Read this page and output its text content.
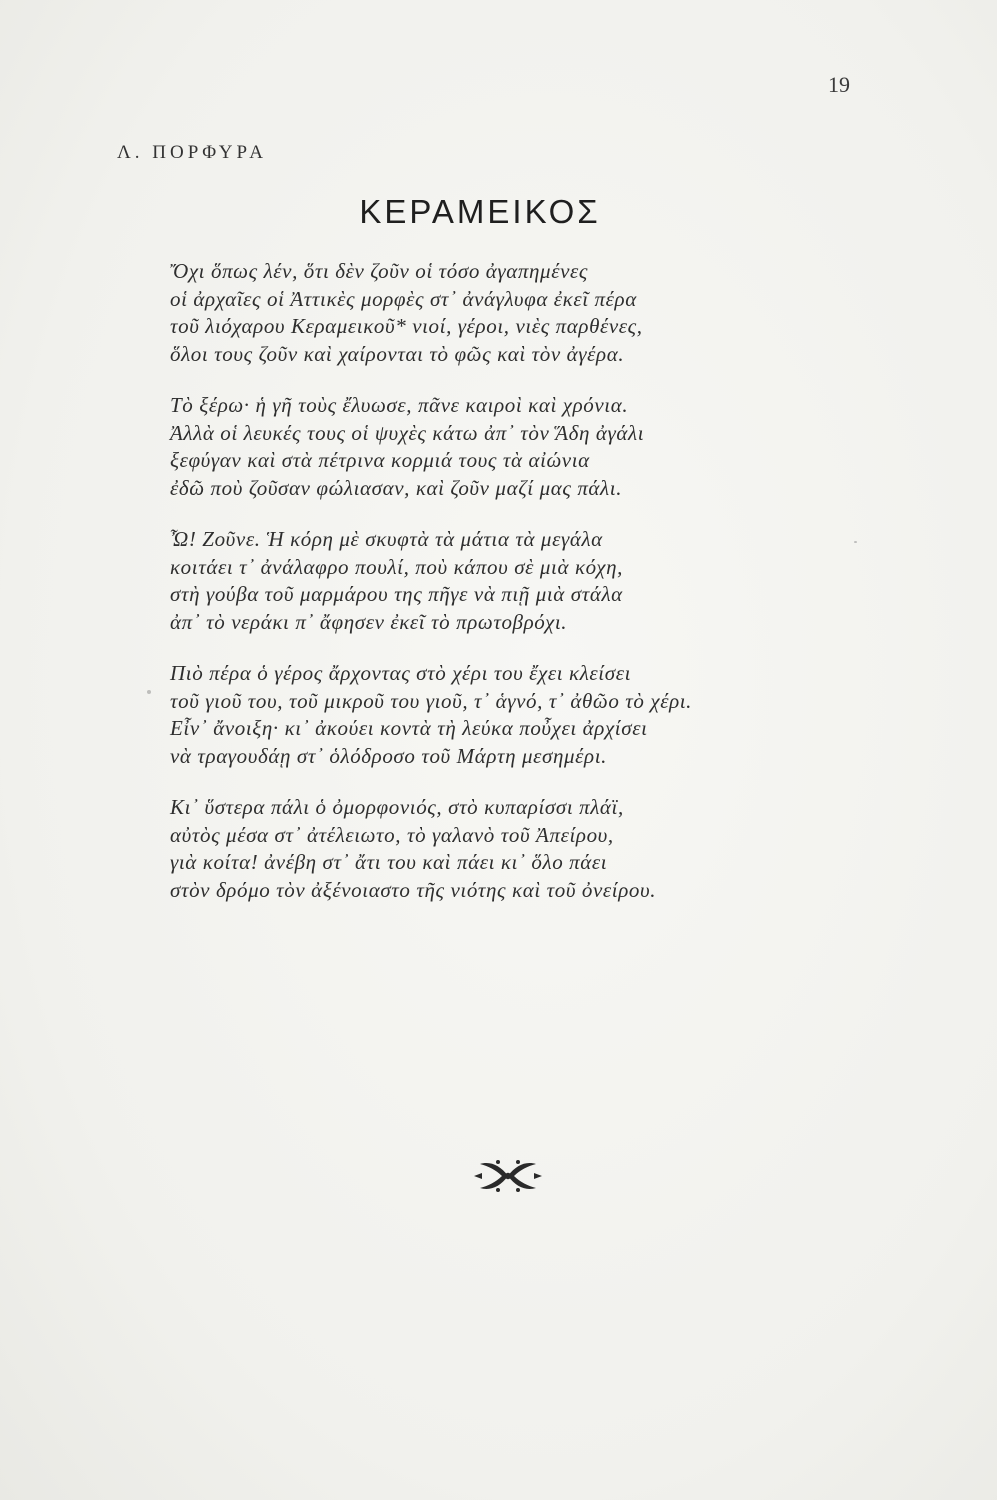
19
Λ. ΠΟΡΦΥΡΑ
ΚΕΡΑΜΕΙΚΟΣ
Ὄχι ὅπως λέν, ὅτι δὲν ζοῦν οἱ τόσο ἀγαπημένες
οἱ ἀρχαῖες οἱ Ἀττικὲς μορφὲς στ᾽ ἀνάγλυφα ἐκεῖ πέρα
τοῦ λιόχαρου Κεραμεικοῦ* νιοί, γέροι, νιὲς παρθένες,
ὅλοι τους ζοῦν καὶ χαίρονται τὸ φῶς καὶ τὸν ἀγέρα.
Τὸ ξέρω· ἡ γῆ τοὺς ἔλυωσε, πᾶνε καιροὶ καὶ χρόνια.
Ἀλλὰ οἱ λευκές τους οἱ ψυχὲς κάτω ἀπ᾽ τὸν Ἅδη ἀγάλι
ξεφύγαν καὶ στὰ πέτρινα κορμιά τους τὰ αἰώνια
ἐδῶ ποὺ ζοῦσαν φώλιασαν, καὶ ζοῦν μαζί μας πάλι.
Ὦ! Ζοῦνε. Ἡ κόρη μὲ σκυφτὰ τὰ μάτια τὰ μεγάλα
κοιτάει τ᾽ ἀνάλαφρο πουλί, ποὺ κάπου σὲ μιὰ κόχη,
στὴ γούβα τοῦ μαρμάρου της πῆγε νὰ πιῇ μιὰ στάλα
ἀπ᾽ τὸ νεράκι π᾽ ἄφησεν ἐκεῖ τὸ πρωτοβρόχι.
Πιὸ πέρα ὁ γέρος ἄρχοντας στὸ χέρι του ἔχει κλείσει
τοῦ γιοῦ του, τοῦ μικροῦ του γιοῦ, τ᾽ ἁγνό, τ᾽ ἀθῶο τὸ χέρι.
Εἶν᾽ ἄνοιξη· κι᾽ ἀκούει κοντὰ τὴ λεύκα ποὖχει ἀρχίσει
νὰ τραγουδάῃ στ᾽ ὁλόδροσο τοῦ Μάρτη μεσημέρι.
Κι᾽ ὕστερα πάλι ὁ ὀμορφονιός, στὸ κυπαρίσσι πλάϊ,
αὐτὸς μέσα στ᾽ ἀτέλειωτο, τὸ γαλανὸ τοῦ Ἀπείρου,
γιὰ κοίτα! ἀνέβη στ᾽ ἄτι του καὶ πάει κι᾽ ὅλο πάει
στὸν δρόμο τὸν ἀξένοιαστο τῆς νιότης καὶ τοῦ ὀνείρου.
